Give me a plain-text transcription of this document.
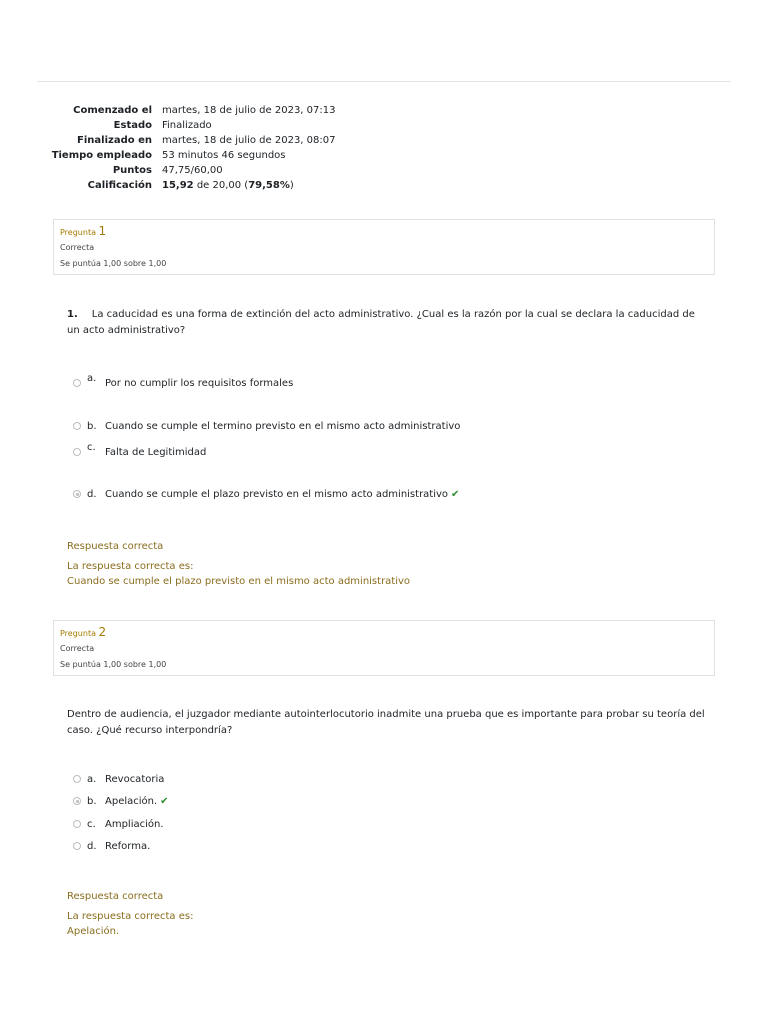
Comenzado el	martes, 18 de julio de 2023, 07:13
Estado	Finalizado
Finalizado en	martes, 18 de julio de 2023, 08:07
Tiempo empleado	53 minutos 46 segundos
Puntos	47,75/60,00
Calificación	15,92 de 20,00 (79,58%)
Pregunta 1
Correcta
Se puntúa 1,00 sobre 1,00
1. La caducidad es una forma de extinción del acto administrativo. ¿Cual es la razón por la cual se declara la caducidad de un acto administrativo?
a. Por no cumplir los requisitos formales
b. Cuando se cumple el termino previsto en el mismo acto administrativo
c. Falta de Legitimidad
d. Cuando se cumple el plazo previsto en el mismo acto administrativo ✔
Respuesta correcta
La respuesta correcta es:
Cuando se cumple el plazo previsto en el mismo acto administrativo
Pregunta 2
Correcta
Se puntúa 1,00 sobre 1,00
Dentro de audiencia, el juzgador mediante autointerlocutorio inadmite una prueba que es importante para probar su teoría del caso. ¿Qué recurso interpondría?
a. Revocatoria
b. Apelación. ✔
c. Ampliación.
d. Reforma.
Respuesta correcta
La respuesta correcta es:
Apelación.
